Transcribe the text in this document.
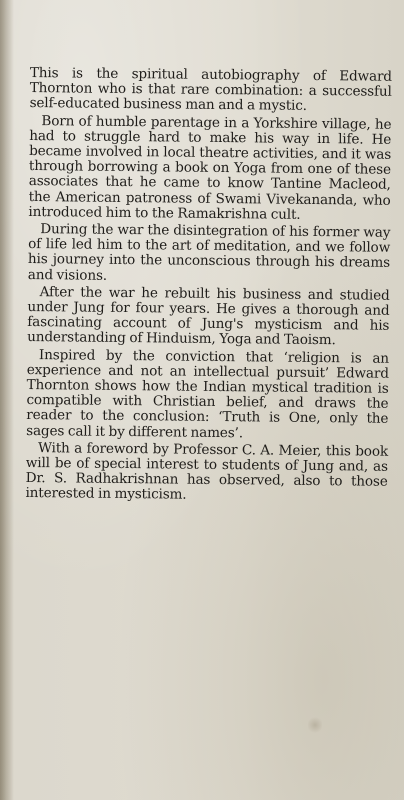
This is the spiritual autobiography of Edward Thornton who is that rare combination: a successful self-educated business man and a mystic.

Born of humble parentage in a Yorkshire village, he had to struggle hard to make his way in life. He became involved in local theatre activities, and it was through borrowing a book on Yoga from one of these associates that he came to know Tantine Macleod, the American patroness of Swami Vivekananda, who introduced him to the Ramakrishna cult.

During the war the disintegration of his former way of life led him to the art of meditation, and we follow his journey into the unconscious through his dreams and visions.

After the war he rebuilt his business and studied under Jung for four years. He gives a thorough and fascinating account of Jung's mysticism and his understanding of Hinduism, Yoga and Taoism.

Inspired by the conviction that ‘religion is an experience and not an intellectual pursuit’ Edward Thornton shows how the Indian mystical tradition is compatible with Christian belief, and draws the reader to the conclusion: ‘Truth is One, only the sages call it by different names’.

With a foreword by Professor C. A. Meier, this book will be of special interest to students of Jung and, as Dr. S. Radhakrishnan has observed, also to those interested in mysticism.
